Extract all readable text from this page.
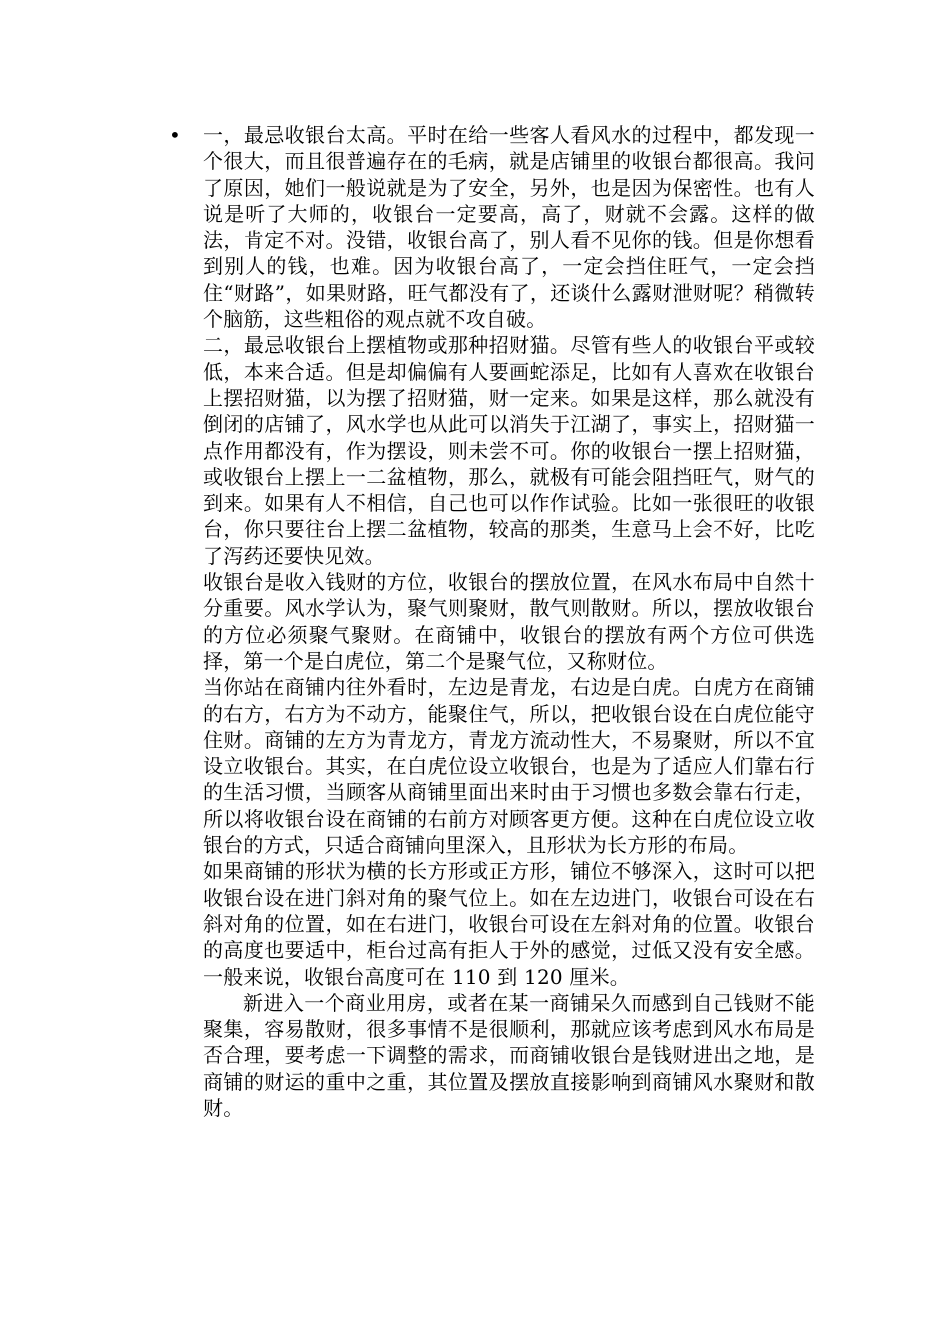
• 一，最忌收银台太高。平时在给一些客人看风水的过程中，都发现一个很大，而且很普遍存在的毛病，就是店铺里的收银台都很高。我问了原因，她们一般说就是为了安全，另外，也是因为保密性。也有人说是听了大师的，收银台一定要高，高了，财就不会露。这样的做法，肯定不对。没错，收银台高了，别人看不见你的钱。但是你想看到别人的钱，也难。因为收银台高了，一定会挡住旺气，一定会挡住“财路”，如果财路，旺气都没有了，还谈什么露财泄财呢？稍微转个脑筋，这些粗俗的观点就不攻自破。

二，最忌收银台上摆植物或那种招财猫。尽管有些人的收银台平或较低，本来合适。但是却偏偏有人要画蛇添足，比如有人喜欢在收银台上摆招财猫，以为摆了招财猫，财一定来。如果是这样，那么就没有倒闭的店铺了，风水学也从此可以消失于江湖了，事实上，招财猫一点作用都没有，作为摆设，则未尝不可。你的收银台一摆上招财猫，或收银台上摆上一二盆植物，那么，就极有可能会阻挡旺气，财气的到来。如果有人不相信，自己也可以作作试验。比如一张很旺的收银台，你只要往台上摆二盆植物，较高的那类，生意马上会不好，比吃了泻药还要快见效。

收银台是收入钱财的方位，收银台的摆放位置，在风水布局中自然十分重要。风水学认为，聚气则聚财，散气则散财。所以，摆放收银台的方位必须聚气聚财。在商铺中，收银台的摆放有两个方位可供选择，第一个是白虎位，第二个是聚气位，又称财位。

当你站在商铺内往外看时，左边是青龙，右边是白虎。白虎方在商铺的右方，右方为不动方，能聚住气，所以，把收银台设在白虎位能守住财。商铺的左方为青龙方，青龙方流动性大，不易聚财，所以不宜设立收银台。其实，在白虎位设立收银台，也是为了适应人们靠右行的生活习惯，当顾客从商铺里面出来时由于习惯也多数会靠右行走，所以将收银台设在商铺的右前方对顾客更方便。这种在白虎位设立收银台的方式，只适合商铺向里深入，且形状为长方形的布局。

如果商铺的形状为横的长方形或正方形，铺位不够深入，这时可以把收银台设在进门斜对角的聚气位上。如在左边进门，收银台可设在右斜对角的位置，如在右进门，收银台可设在左斜对角的位置。收银台的高度也要适中，柜台过高有拒人于外的感觉，过低又没有安全感。一般来说，收银台高度可在 110 到 120 厘米。

新进入一个商业用房，或者在某一商铺呆久而感到自己钱财不能聚集，容易散财，很多事情不是很顺利，那就应该考虑到风水布局是否合理，要考虑一下调整的需求，而商铺收银台是钱财进出之地，是商铺的财运的重中之重，其位置及摆放直接影响到商铺风水聚财和散财。
